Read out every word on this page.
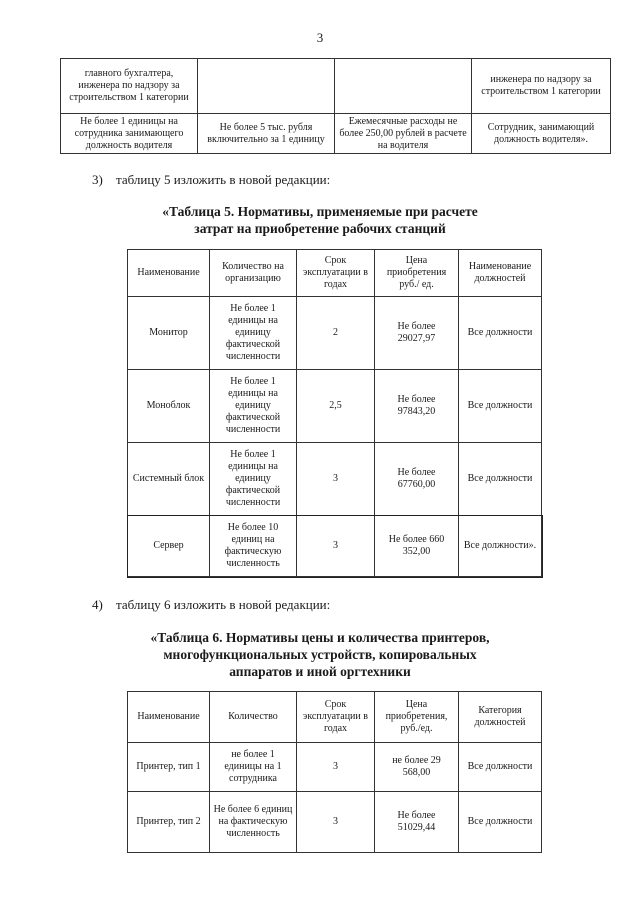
3
главного бухгалтера, инженера по надзору за строительством 1 категории			инженера по надзору за строительством 1 категории
Не более 1 единицы на сотрудника занимающего должность водителя	Не более 5 тыс. рубля включительно за 1 единицу	Ежемесячные расходы не более 250,00 рублей в расчете на водителя	Сотрудник, занимающий должность водителя».
3) таблицу 5 изложить в новой редакции:
«Таблица 5. Нормативы, применяемые при расчете
затрат на приобретение рабочих станций
Наименование	Количество на организацию	Срок эксплуатации в годах	Цена приобретения руб./ ед.	Наименование должностей
Монитор	Не более 1 единицы на единицу фактической численности	2	Не более 29027,97	Все должности
Моноблок	Не более 1 единицы на единицу фактической численности	2,5	Не более 97843,20	Все должности
Системный блок	Не более 1 единицы на единицу фактической численности	3	Не более 67760,00	Все должности
Сервер	Не более 10 единиц на фактическую численность	3	Не более 660 352,00	Все должности».
4) таблицу 6 изложить в новой редакции:
«Таблица 6. Нормативы цены и количества принтеров,
многофункциональных устройств, копировальных
аппаратов и иной оргтехники
Наименование	Количество	Срок эксплуатации в годах	Цена приобретения, руб./ед.	Категория должностей
Принтер, тип 1	не более 1 единицы на 1 сотрудника	3	не более 29 568,00	Все должности
Принтер, тип 2	Не более 6 единиц на фактическую численность	3	Не более 51029,44	Все должности
